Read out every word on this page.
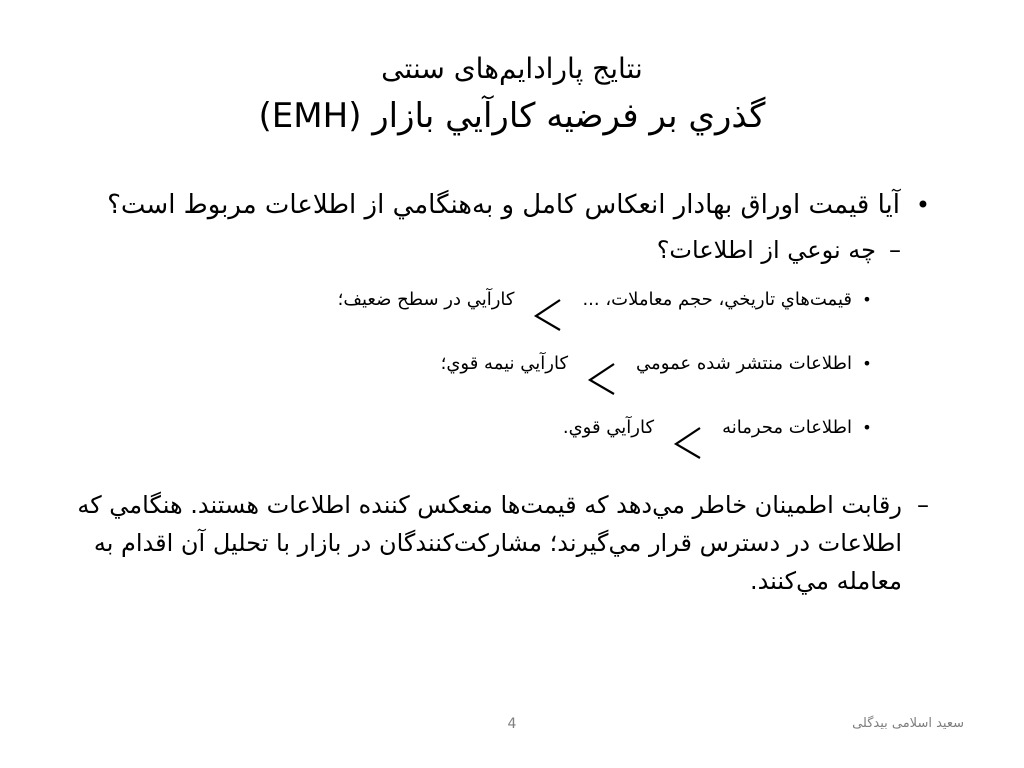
نتايج پارادايم‌های سنتی
گذري بر فرضيه کارآيي بازار (EMH)
•
آيا قيمت اوراق بهادار انعکاس کامل و به‌هنگامي از اطلاعات مربوط است؟
–
چه نوعي از اطلاعات؟
•
قيمت‌هاي تاريخي، حجم معاملات، ...
کارآيي در سطح ضعيف؛
•
اطلاعات منتشر شده عمومي
کارآيي نيمه قوي؛
•
اطلاعات محرمانه
کارآيي قوي.
–
رقابت اطمينان خاطر مي‌دهد که قيمت‌ها منعکس کننده اطلاعات هستند. هنگامي که اطلاعات در دسترس قرار مي‌گيرند؛ مشارکت‌کنندگان در بازار با تحليل آن اقدام به معامله مي‌کنند.
4	سعيد اسلامی بيدگلی
